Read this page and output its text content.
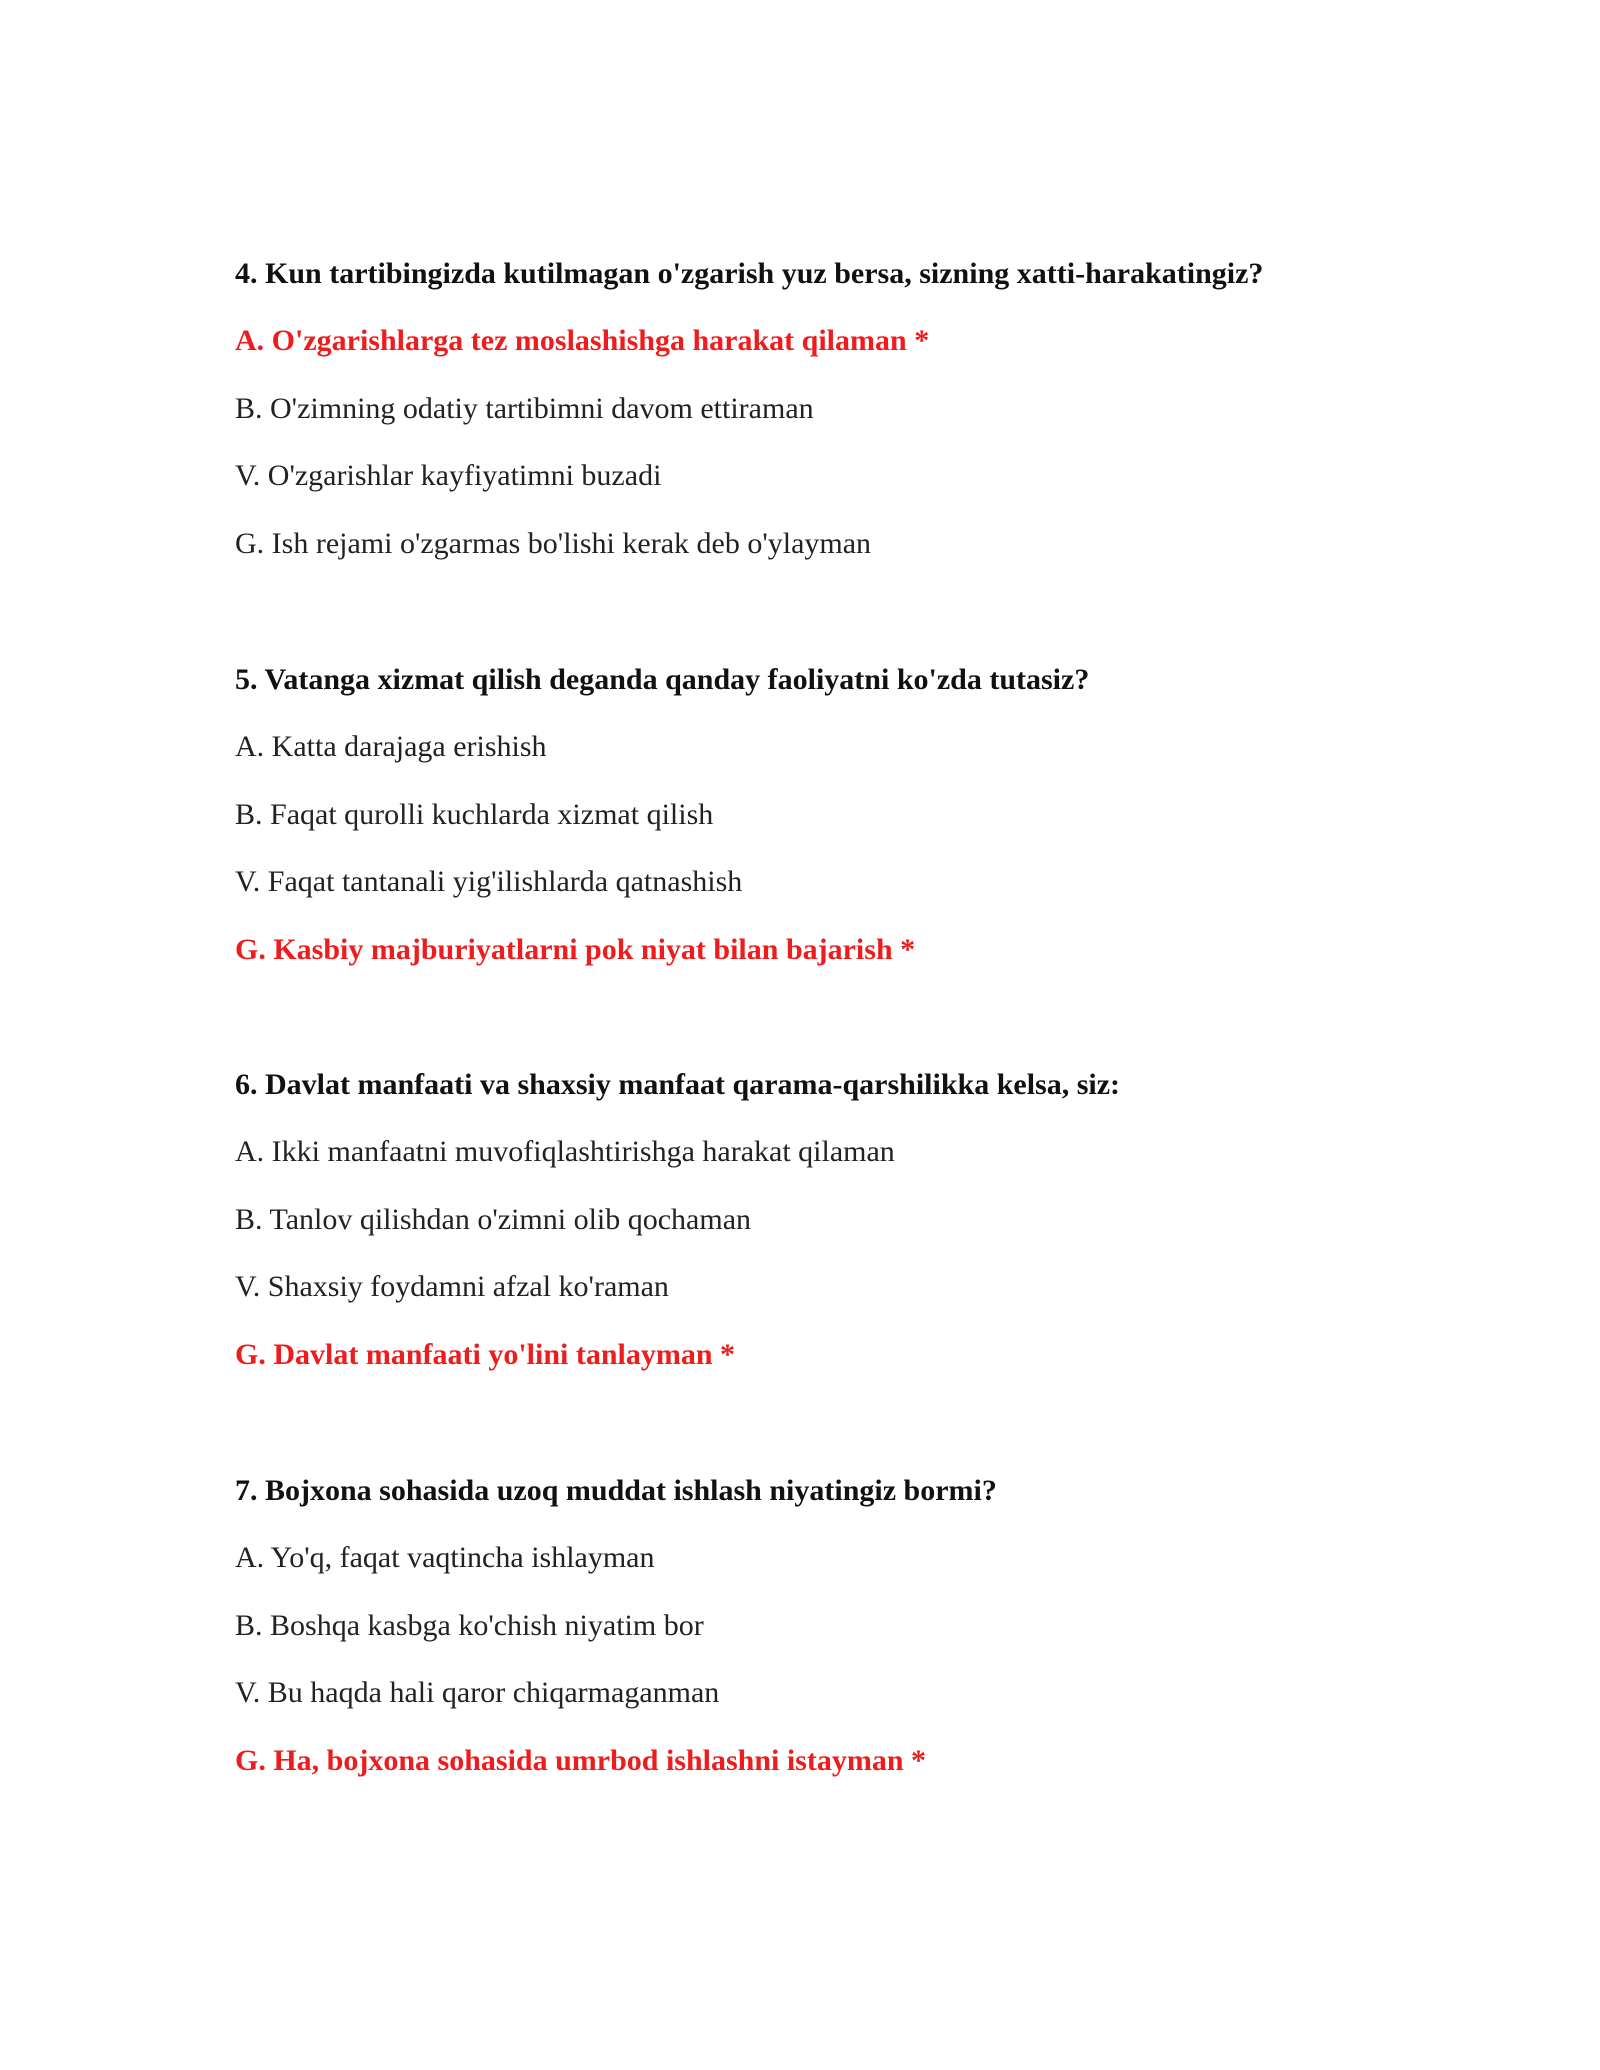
4. Kun tartibingizda kutilmagan o'zgarish yuz bersa, sizning xatti-harakatingiz?
A. O'zgarishlarga tez moslashishga harakat qilaman *
B. O'zimning odatiy tartibimni davom ettiraman
V. O'zgarishlar kayfiyatimni buzadi
G. Ish rejami o'zgarmas bo'lishi kerak deb o'ylayman
5. Vatanga xizmat qilish deganda qanday faoliyatni ko'zda tutasiz?
A. Katta darajaga erishish
B. Faqat qurolli kuchlarda xizmat qilish
V. Faqat tantanali yig'ilishlarda qatnashish
G. Kasbiy majburiyatlarni pok niyat bilan bajarish *
6. Davlat manfaati va shaxsiy manfaat qarama-qarshilikka kelsa, siz:
A. Ikki manfaatni muvofiqlashtirishga harakat qilaman
B. Tanlov qilishdan o'zimni olib qochaman
V. Shaxsiy foydamni afzal ko'raman
G. Davlat manfaati yo'lini tanlayman *
7. Bojxona sohasida uzoq muddat ishlash niyatingiz bormi?
A. Yo'q, faqat vaqtincha ishlayman
B. Boshqa kasbga ko'chish niyatim bor
V. Bu haqda hali qaror chiqarmaganman
G. Ha, bojxona sohasida umrbod ishlashni istayman *
